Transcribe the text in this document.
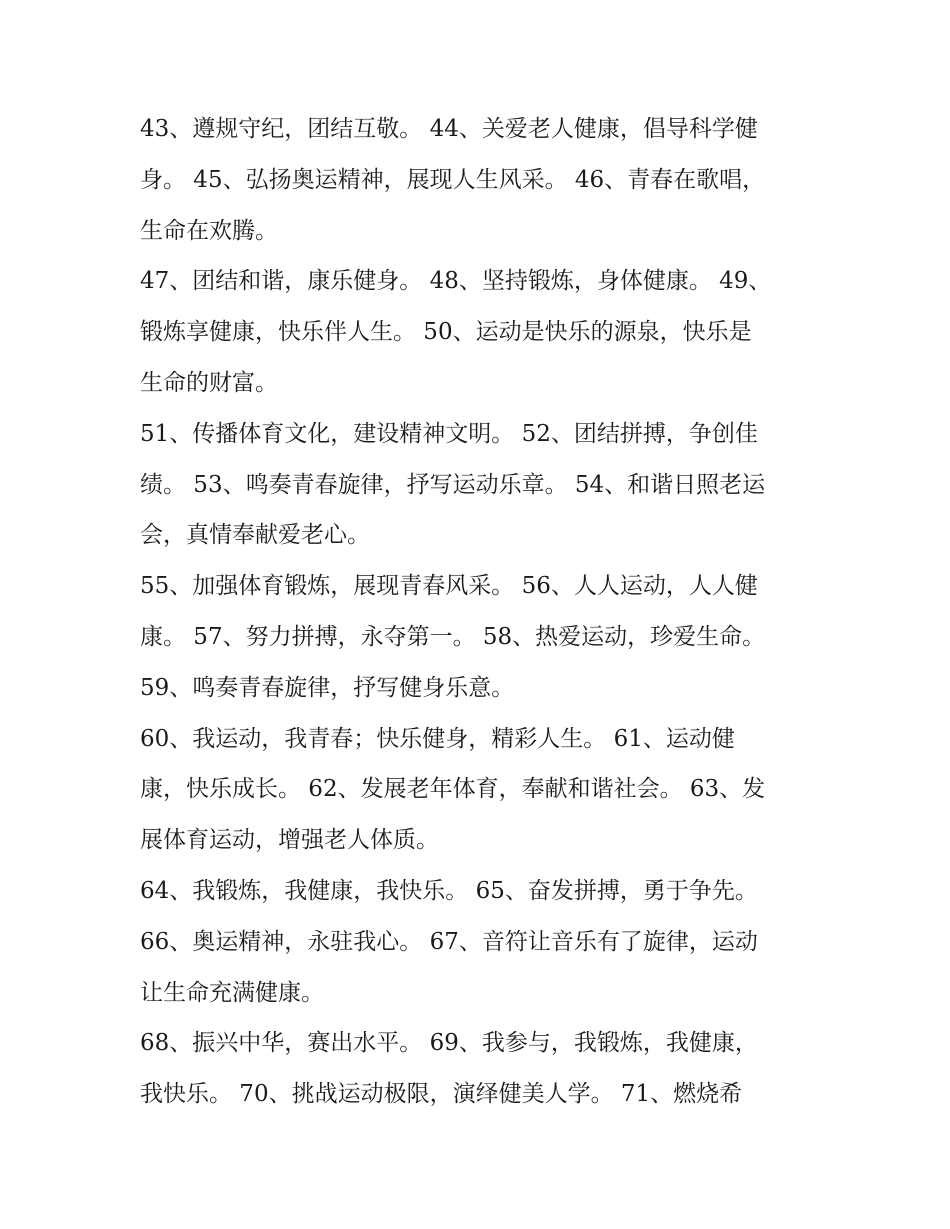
43、遵规守纪，团结互敬。 44、关爱老人健康，倡导科学健
身。 45、弘扬奥运精神，展现人生风采。 46、青春在歌唱，
生命在欢腾。

47、团结和谐，康乐健身。 48、坚持锻炼，身体健康。 49、
锻炼享健康，快乐伴人生。 50、运动是快乐的源泉，快乐是
生命的财富。

51、传播体育文化，建设精神文明。 52、团结拼搏，争创佳
绩。 53、鸣奏青春旋律，抒写运动乐章。 54、和谐日照老运
会，真情奉献爱老心。

55、加强体育锻炼，展现青春风采。 56、人人运动，人人健
康。 57、努力拼搏，永夺第一。 58、热爱运动，珍爱生命。
59、鸣奏青春旋律，抒写健身乐意。

60、我运动，我青春；快乐健身，精彩人生。 61、运动健
康，快乐成长。 62、发展老年体育，奉献和谐社会。 63、发
展体育运动，增强老人体质。

64、我锻炼，我健康，我快乐。 65、奋发拼搏，勇于争先。
66、奥运精神，永驻我心。 67、音符让音乐有了旋律，运动
让生命充满健康。

68、振兴中华，赛出水平。 69、我参与，我锻炼，我健康，
我快乐。 70、挑战运动极限，演绎健美人学。 71、燃烧希
